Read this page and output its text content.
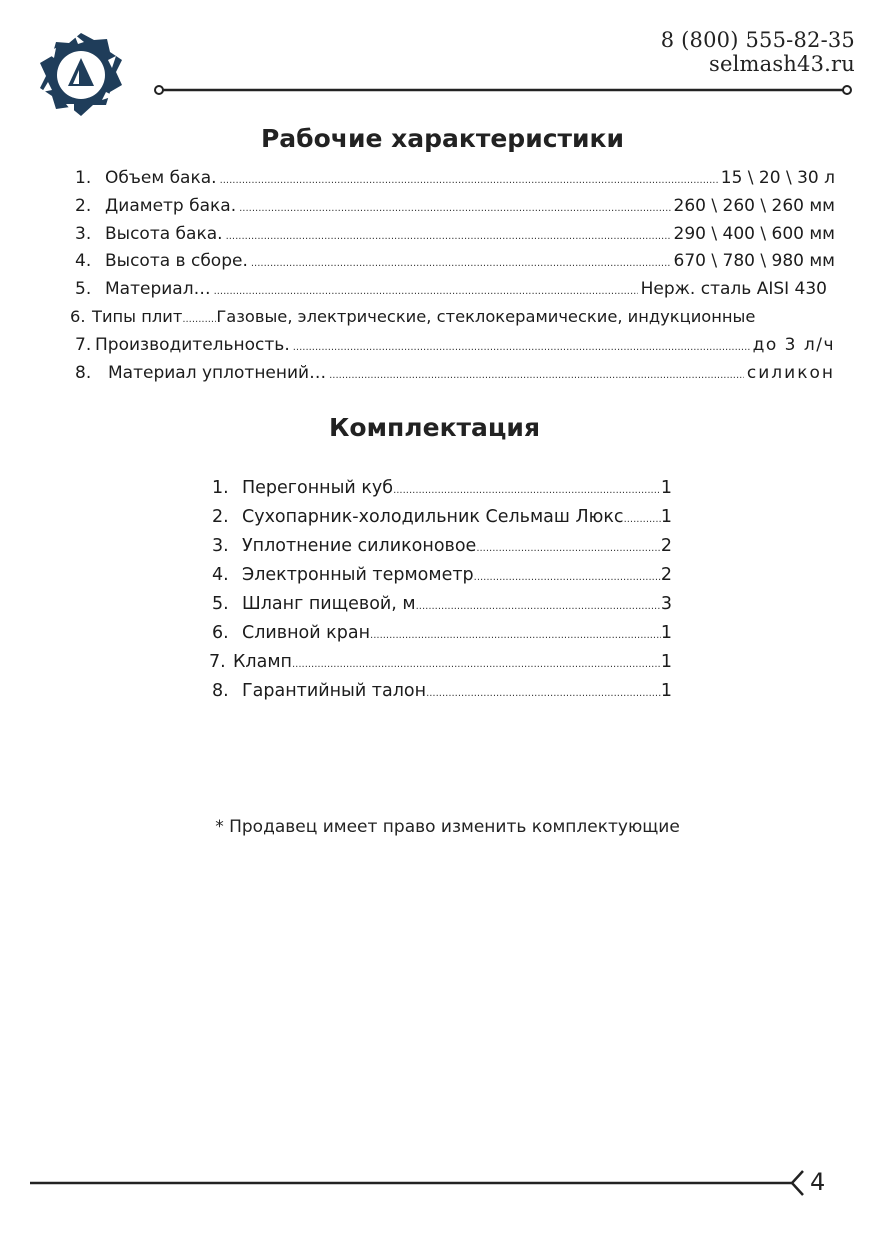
8 (800) 555-82-35
selmash43.ru
Рабочие характеристики
1. Объем бака. .....	15 \ 20 \ 30 л
2. Диаметр бака. .....	260 \ 260 \ 260 мм
3. Высота бака. .....	290 \ 400 \ 600 мм
4. Высота в сборе. .....	670 \ 780 \ 980 мм
5. Материал… .....	Нерж. сталь AISI 430
6. Типы плит ..... Газовые, электрические, стеклокерамические, индукционные
7. Производительность. .....	до 3 л/ч
8. Материал уплотнений… .....	силикон
Комплектация
1. Перегонный куб .....	1
2. Сухопарник-холодильник Сельмаш Люкс ..... 1
3. Уплотнение силиконовое .....	2
4. Электронный термометр .....	2
5. Шланг пищевой, м .....	3
6. Сливной кран .....	1
7. Кламп .....	1
8. Гарантийный талон .....	1
* Продавец имеет право изменить комплектующие
4
